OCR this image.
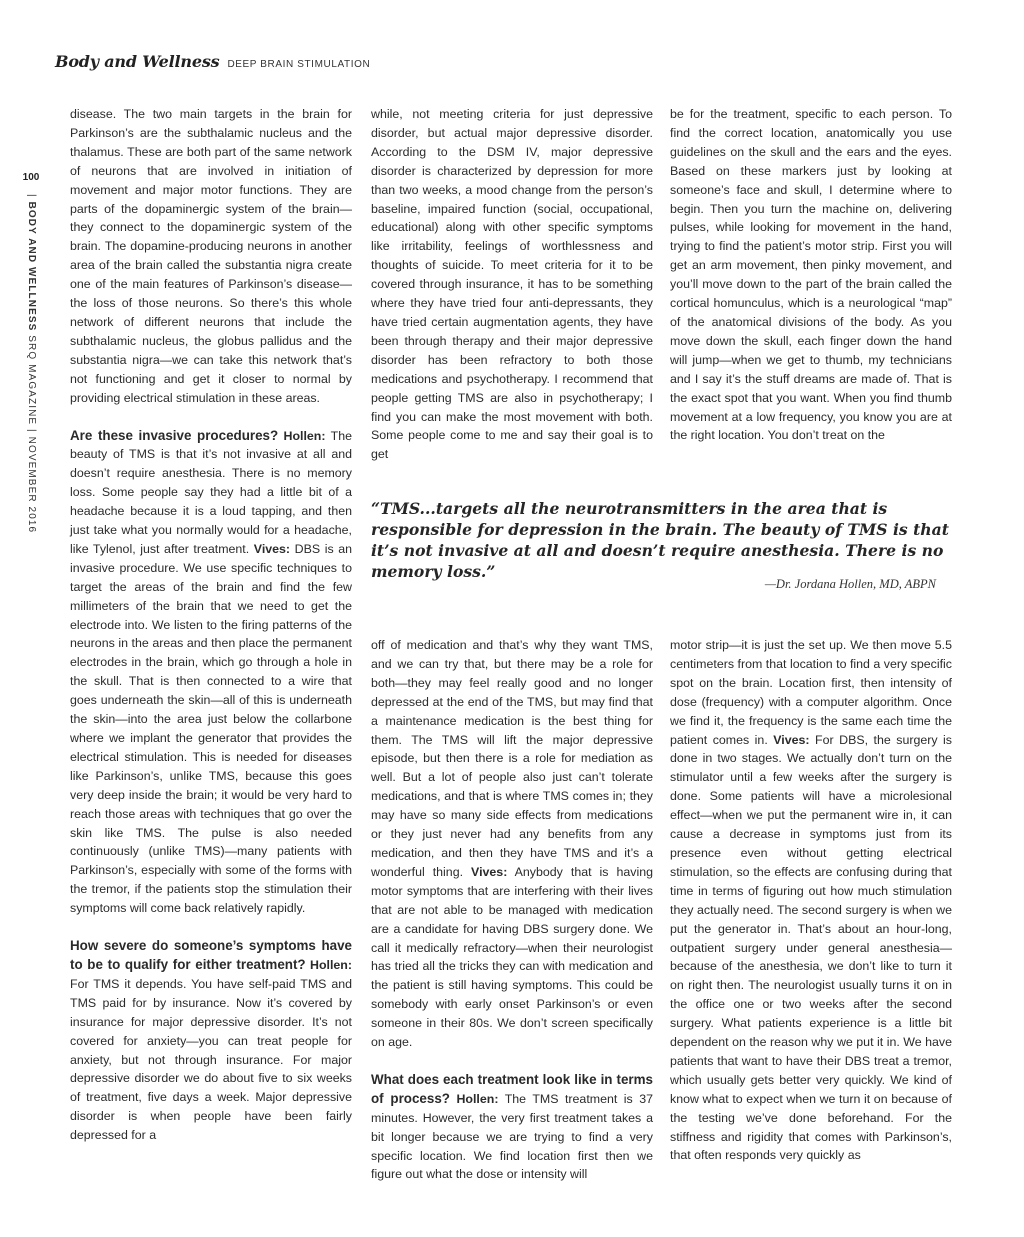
Body and Wellness DEEP BRAIN STIMULATION
100
| BODY AND WELLNESS SRQ MAGAZINE | NOVEMBER 2016

disease. The two main targets in the brain for Parkinson’s are the subthalamic nucleus and the thalamus. These are both part of the same network of neurons that are involved in initiation of movement and major motor functions. They are parts of the dopaminergic system of the brain—they connect to the dopaminergic system of the brain. The dopamine-producing neurons in another area of the brain called the substantia nigra create one of the main features of Parkinson’s disease—the loss of those neurons. So there’s this whole network of different neurons that include the subthalamic nucleus, the globus pallidus and the substantia nigra—we can take this network that’s not functioning and get it closer to normal by providing electrical stimulation in these areas.

Are these invasive procedures? Hollen: The beauty of TMS is that it’s not invasive at all and doesn’t require anesthesia. There is no memory loss. Some people say they had a little bit of a headache because it is a loud tapping, and then just take what you normally would for a headache, like Tylenol, just after treatment. Vives: DBS is an invasive procedure. We use specific techniques to target the areas of the brain and find the few millimeters of the brain that we need to get the electrode into. We listen to the firing patterns of the neurons in the areas and then place the permanent electrodes in the brain, which go through a hole in the skull. That is then connected to a wire that goes underneath the skin—all of this is underneath the skin—into the area just below the collarbone where we implant the generator that provides the electrical stimulation. This is needed for diseases like Parkinson’s, unlike TMS, because this goes very deep inside the brain; it would be very hard to reach those areas with techniques that go over the skin like TMS. The pulse is also needed continuously (unlike TMS)—many patients with Parkinson’s, especially with some of the forms with the tremor, if the patients stop the stimulation their symptoms will come back relatively rapidly.

How severe do someone’s symptoms have to be to qualify for either treatment? Hollen: For TMS it depends. You have self-paid TMS and TMS paid for by insurance. Now it’s covered by insurance for major depressive disorder. It’s not covered for anxiety—you can treat people for anxiety, but not through insurance. For major depressive disorder we do about five to six weeks of treatment, five days a week. Major depressive disorder is when people have been fairly depressed for a

while, not meeting criteria for just depressive disorder, but actual major depressive disorder. According to the DSM IV, major depressive disorder is characterized by depression for more than two weeks, a mood change from the person’s baseline, impaired function (social, occupational, educational) along with other specific symptoms like irritability, feelings of worthlessness and thoughts of suicide. To meet criteria for it to be covered through insurance, it has to be something where they have tried four anti-depressants, they have tried certain augmentation agents, they have been through therapy and their major depressive disorder has been refractory to both those medications and psychotherapy. I recommend that people getting TMS are also in psychotherapy; I find you can make the most movement with both. Some people come to me and say their goal is to get

be for the treatment, specific to each person. To find the correct location, anatomically you use guidelines on the skull and the ears and the eyes. Based on these markers just by looking at someone’s face and skull, I determine where to begin. Then you turn the machine on, delivering pulses, while looking for movement in the hand, trying to find the patient’s motor strip. First you will get an arm movement, then pinky movement, and you’ll move down to the part of the brain called the cortical homunculus, which is a neurological “map” of the anatomical divisions of the body. As you move down the skull, each finger down the hand will jump—when we get to thumb, my technicians and I say it’s the stuff dreams are made of. That is the exact spot that you want. When you find thumb movement at a low frequency, you know you are at the right location. You don’t treat on the

“TMS...targets all the neurotransmitters in the area that is responsible for depression in the brain. The beauty of TMS is that it’s not invasive at all and doesn’t require anesthesia. There is no memory loss.”
—Dr. Jordana Hollen, MD, ABPN

off of medication and that’s why they want TMS, and we can try that, but there may be a role for both—they may feel really good and no longer depressed at the end of the TMS, but may find that a maintenance medication is the best thing for them. The TMS will lift the major depressive episode, but then there is a role for mediation as well. But a lot of people also just can’t tolerate medications, and that is where TMS comes in; they may have so many side effects from medications or they just never had any benefits from any medication, and then they have TMS and it’s a wonderful thing. Vives: Anybody that is having motor symptoms that are interfering with their lives that are not able to be managed with medication are a candidate for having DBS surgery done. We call it medically refractory—when their neurologist has tried all the tricks they can with medication and the patient is still having symptoms. This could be somebody with early onset Parkinson’s or even someone in their 80s. We don’t screen specifically on age.

What does each treatment look like in terms of process? Hollen: The TMS treatment is 37 minutes. However, the very first treatment takes a bit longer because we are trying to find a very specific location. We find location first then we figure out what the dose or intensity will

motor strip—it is just the set up. We then move 5.5 centimeters from that location to find a very specific spot on the brain. Location first, then intensity of dose (frequency) with a computer algorithm. Once we find it, the frequency is the same each time the patient comes in. Vives: For DBS, the surgery is done in two stages. We actually don’t turn on the stimulator until a few weeks after the surgery is done. Some patients will have a microlesional effect—when we put the permanent wire in, it can cause a decrease in symptoms just from its presence even without getting electrical stimulation, so the effects are confusing during that time in terms of figuring out how much stimulation they actually need. The second surgery is when we put the generator in. That’s about an hour-long, outpatient surgery under general anesthesia—because of the anesthesia, we don’t like to turn it on right then. The neurologist usually turns it on in the office one or two weeks after the second surgery. What patients experience is a little bit dependent on the reason why we put it in. We have patients that want to have their DBS treat a tremor, which usually gets better very quickly. We kind of know what to expect when we turn it on because of the testing we’ve done beforehand. For the stiffness and rigidity that comes with Parkinson’s, that often responds very quickly as
